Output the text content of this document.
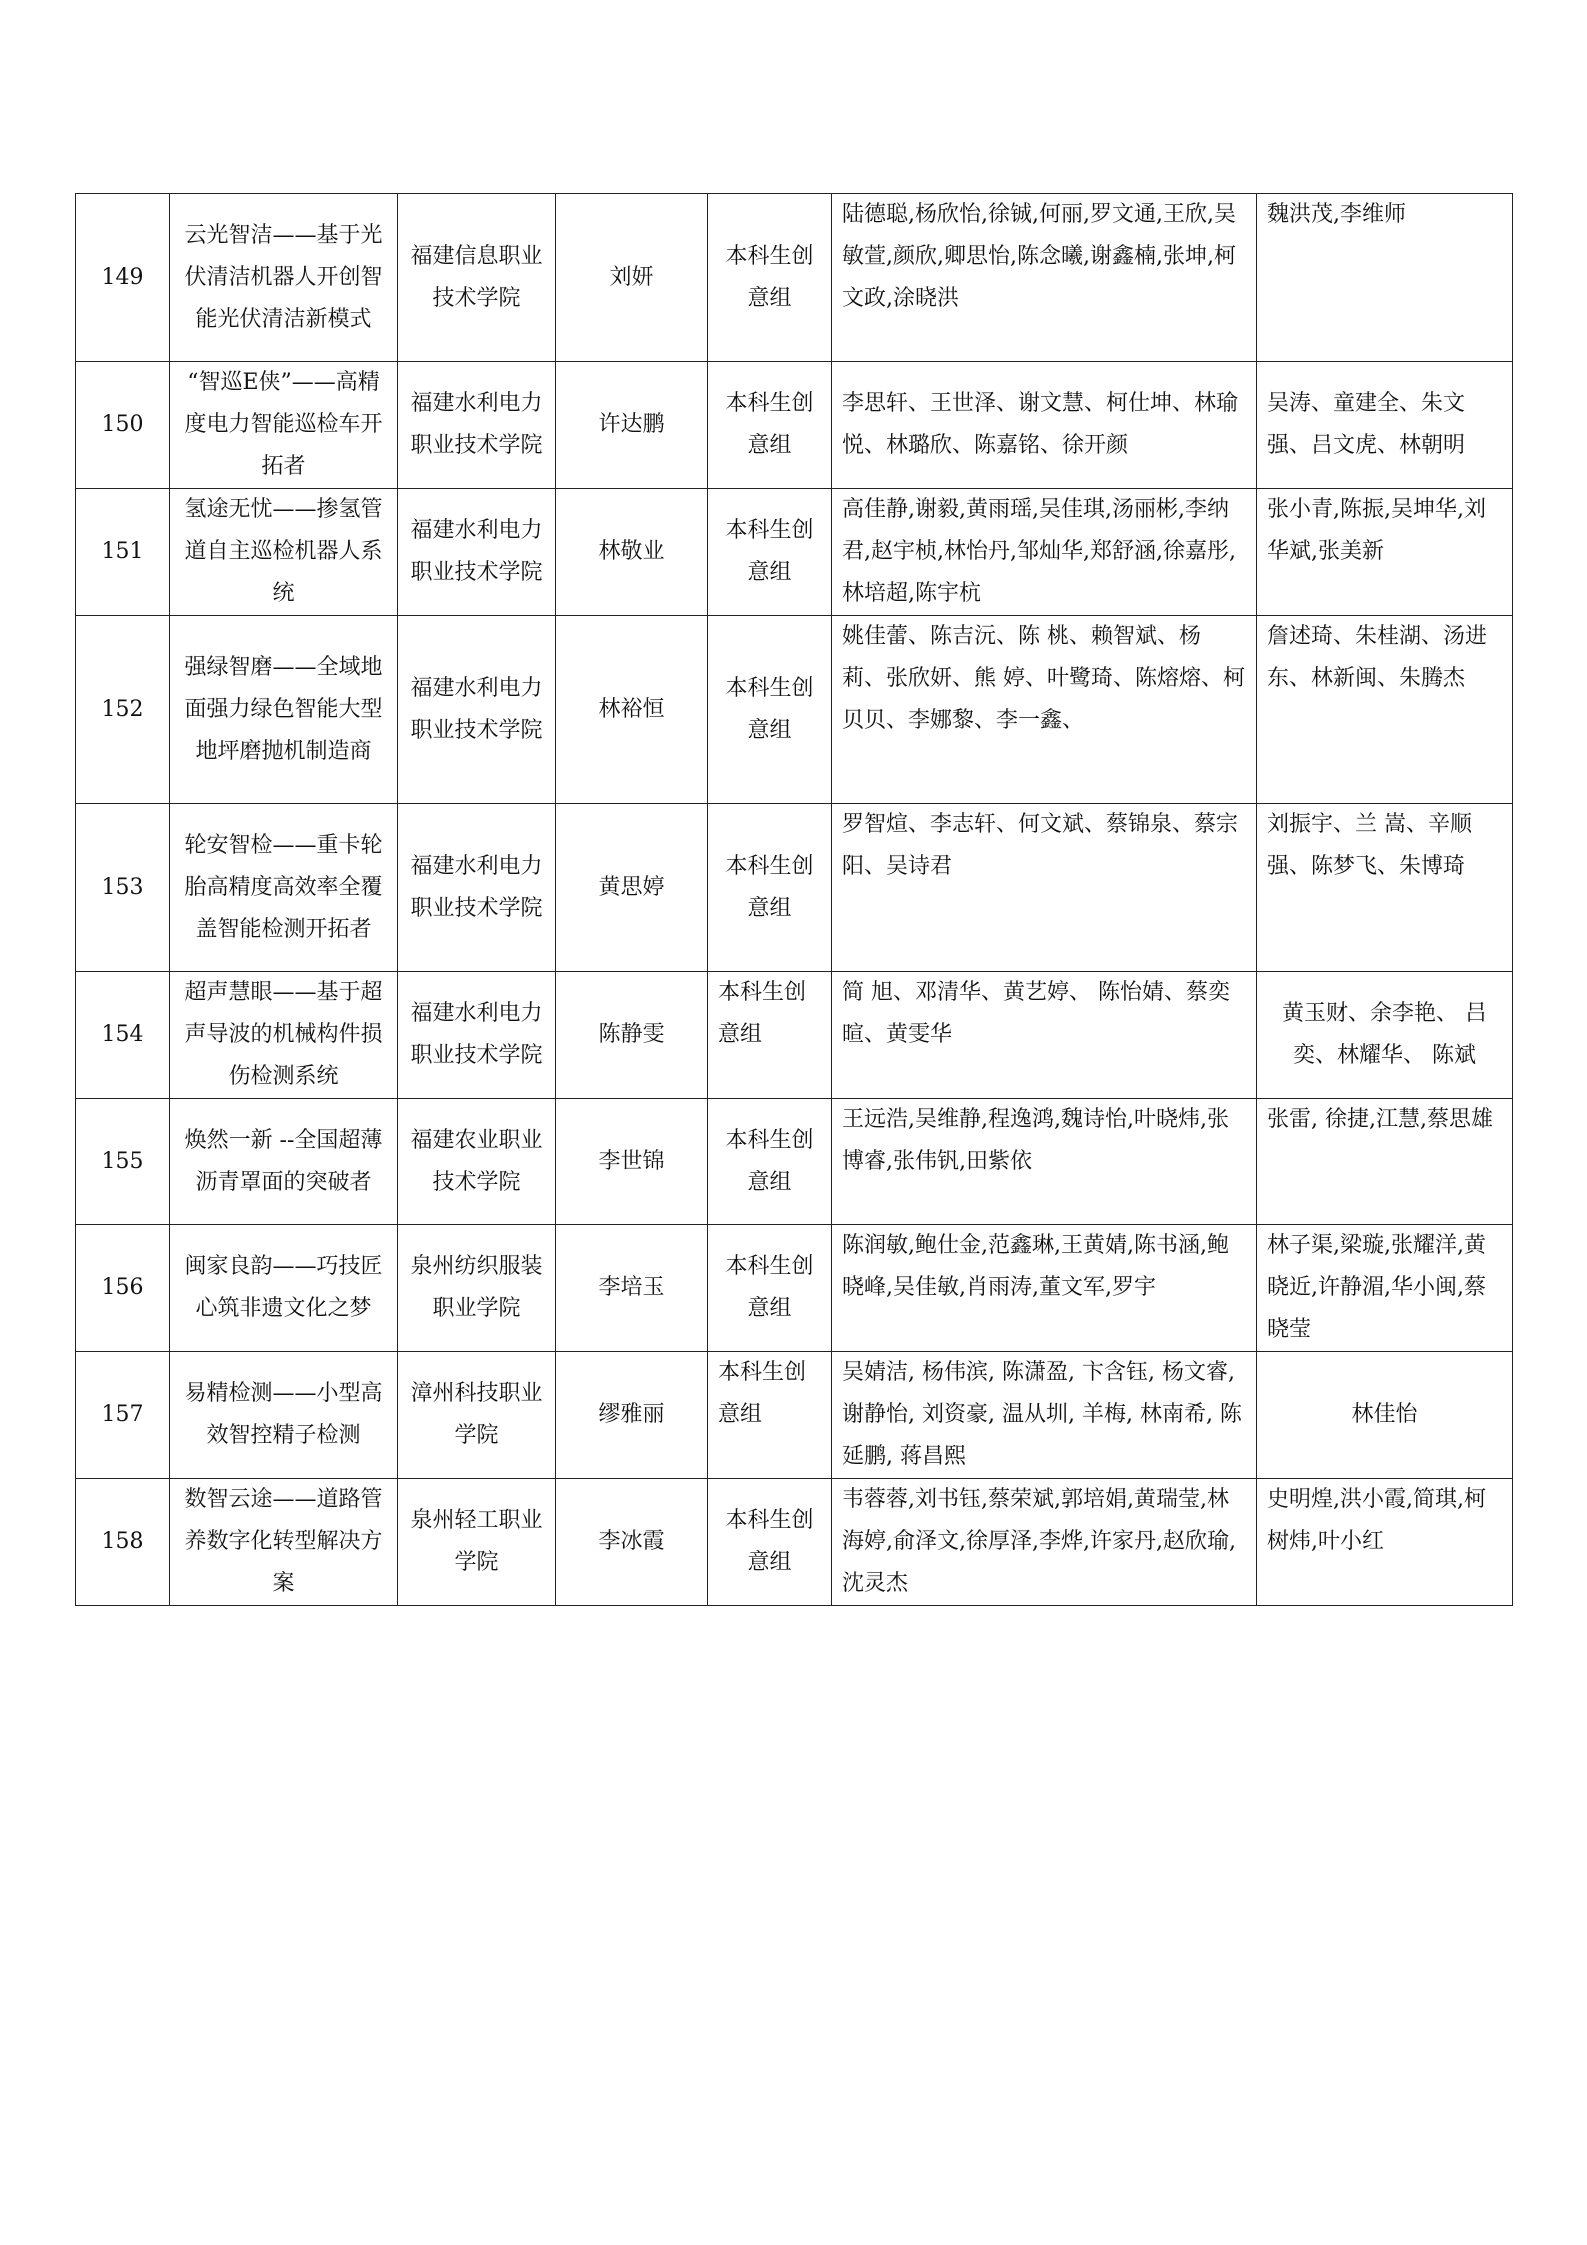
149	云光智洁——基于光伏清洁机器人开创智能光伏清洁新模式	福建信息职业技术学院	刘妍	本科生创意组	陆德聪,杨欣怡,徐铖,何丽,罗文通,王欣,吴敏萱,颜欣,卿思怡,陈念曦,谢鑫楠,张坤,柯文政,涂晓洪	魏洪茂,李维师
150	“智巡E侠”——高精度电力智能巡检车开拓者	福建水利电力职业技术学院	许达鹏	本科生创意组	李思轩、王世泽、谢文慧、柯仕坤、林瑜悦、林璐欣、陈嘉铭、徐开颜	吴涛、童建全、朱文强、吕文虎、林朝明
151	氢途无忧——掺氢管道自主巡检机器人系统	福建水利电力职业技术学院	林敬业	本科生创意组	高佳静,谢毅,黄雨瑶,吴佳琪,汤丽彬,李纳君,赵宇桢,林怡丹,邹灿华,郑舒涵,徐嘉彤,林培超,陈宇杭	张小青,陈振,吴坤华,刘华斌,张美新
152	强绿智磨——全域地面强力绿色智能大型地坪磨抛机制造商	福建水利电力职业技术学院	林裕恒	本科生创意组	姚佳蕾、陈吉沅、陈 桃、赖智斌、杨 莉、张欣妍、熊 婷、叶鹭琦、陈熔熔、柯贝贝、李娜黎、李一鑫、	詹述琦、朱桂湖、汤进东、林新闽、朱腾杰
153	轮安智检——重卡轮胎高精度高效率全覆盖智能检测开拓者	福建水利电力职业技术学院	黄思婷	本科生创意组	罗智煊、李志轩、何文斌、蔡锦泉、蔡宗阳、吴诗君	刘振宇、兰 嵩、辛顺强、陈梦飞、朱博琦
154	超声慧眼——基于超声导波的机械构件损伤检测系统	福建水利电力职业技术学院	陈静雯	本科生创意组	简 旭、邓清华、黄艺婷、 陈怡婧、蔡奕暄、黄雯华	黄玉财、余李艳、 吕奕、林耀华、 陈斌
155	焕然一新 --全国超薄沥青罩面的突破者	福建农业职业技术学院	李世锦	本科生创意组	王远浩,吴维静,程逸鸿,魏诗怡,叶晓炜,张博睿,张伟钒,田紫依	张雷, 徐捷,江慧,蔡思雄
156	闽家良韵——巧技匠心筑非遗文化之梦	泉州纺织服装职业学院	李培玉	本科生创意组	陈润敏,鲍仕金,范鑫琳,王黄婧,陈书涵,鲍晓峰,吴佳敏,肖雨涛,董文军,罗宇	林子渠,梁璇,张耀洋,黄晓近,许静湄,华小闽,蔡晓莹
157	易精检测——小型高效智控精子检测	漳州科技职业学院	缪雅丽	本科生创意组	吴婧洁, 杨伟滨, 陈潇盈, 卞含钰, 杨文睿, 谢静怡, 刘资豪, 温从圳, 羊梅, 林南希, 陈延鹏, 蒋昌熙	林佳怡
158	数智云途——道路管养数字化转型解决方案	泉州轻工职业学院	李冰霞	本科生创意组	韦蓉蓉,刘书钰,蔡荣斌,郭培娟,黄瑞莹,林海婷,俞泽文,徐厚泽,李烨,许家丹,赵欣瑜,沈灵杰	史明煌,洪小霞,简琪,柯树炜,叶小红
